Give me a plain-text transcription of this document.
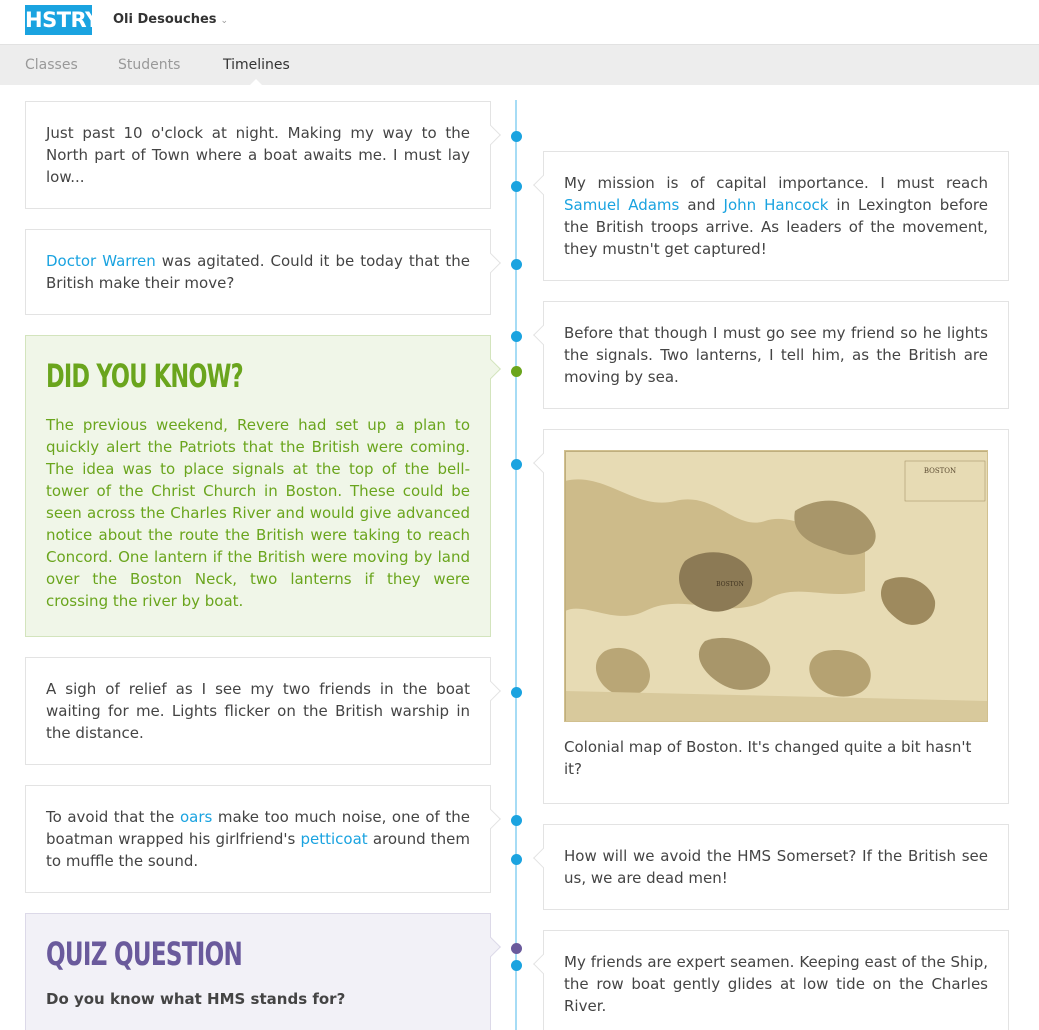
HSTRY Oli Desouches ⌄
Classes	Students	Timelines
Just past 10 o'clock at night. Making my way to the North part of Town where a boat awaits me. I must lay low...
Doctor Warren was agitated. Could it be today that the British make their move?
DID YOU KNOW?
The previous weekend, Revere had set up a plan to quickly alert the Patriots that the British were coming. The idea was to place signals at the top of the bell-tower of the Christ Church in Boston. These could be seen across the Charles River and would give advanced notice about the route the British were taking to reach Concord. One lantern if the British were moving by land over the Boston Neck, two lanterns if they were crossing the river by boat.
A sigh of relief as I see my two friends in the boat waiting for me. Lights flicker on the British warship in the distance.
To avoid that the oars make too much noise, one of the boatman wrapped his girlfriend's petticoat around them to muffle the sound.
QUIZ QUESTION
Do you know what HMS stands for?
My mission is of capital importance. I must reach Samuel Adams and John Hancock in Lexington before the British troops arrive. As leaders of the movement, they mustn't get captured!
Before that though I must go see my friend so he lights the signals. Two lanterns, I tell him, as the British are moving by sea.
BOSTON
BOSTON
Colonial map of Boston. It's changed quite a bit hasn't it?
How will we avoid the HMS Somerset? If the British see us, we are dead men!
My friends are expert seamen. Keeping east of the Ship, the row boat gently glides at low tide on the Charles River.
